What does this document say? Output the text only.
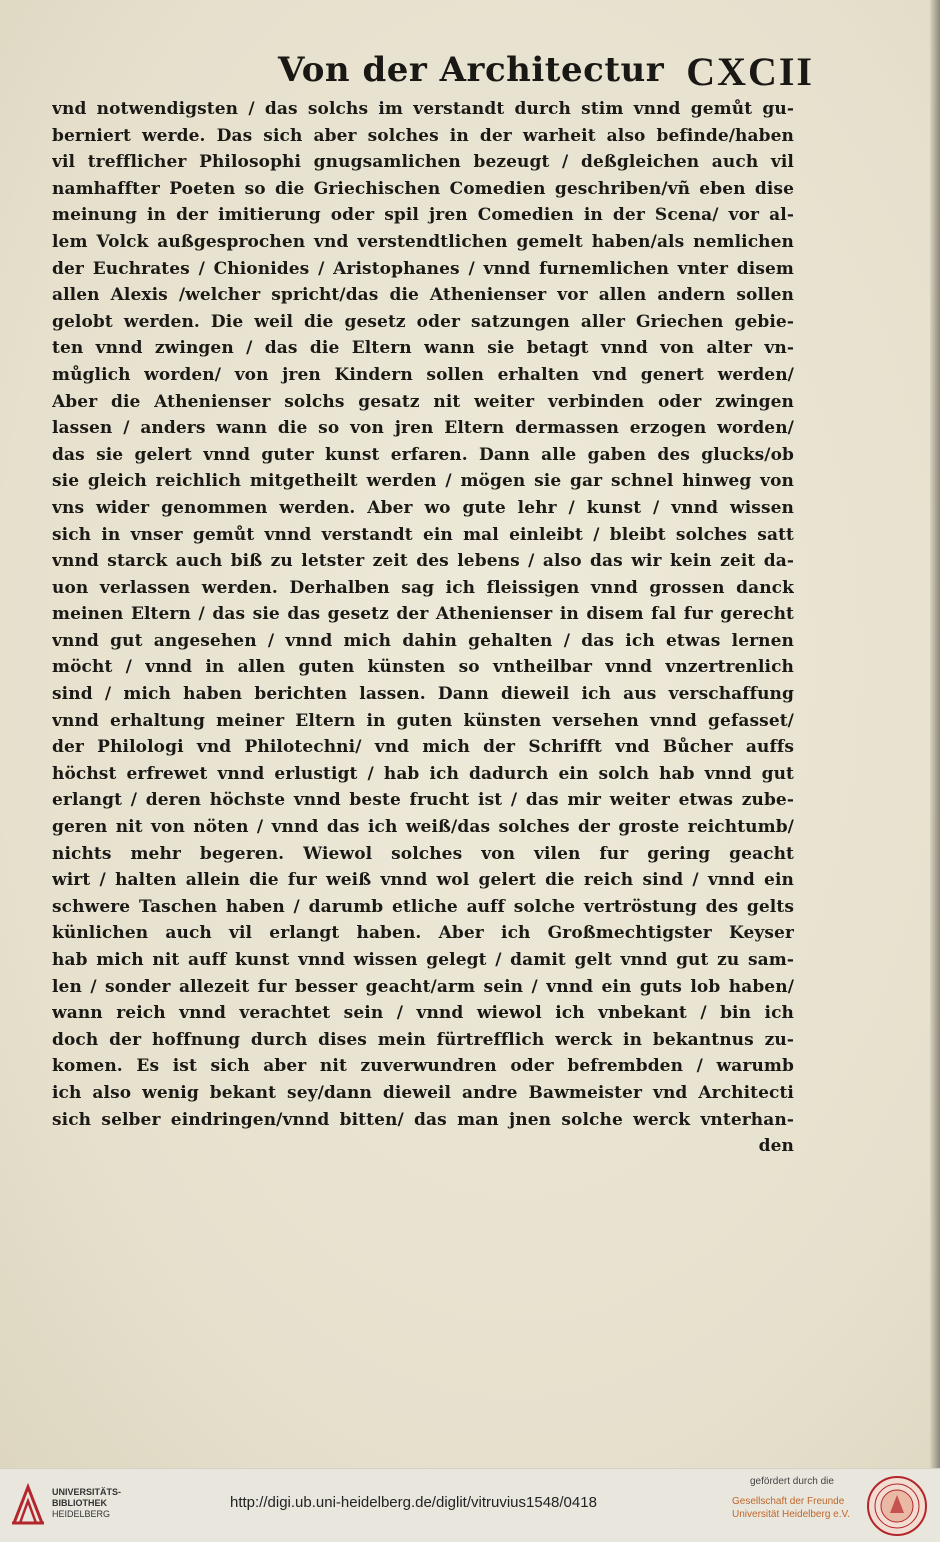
Von der Architectur CXCII
vnd notwendigsten / das solchs im verstandt durch stim vnnd gemůt gu-
berniert werde. Das sich aber solches in der warheit also befinde/haben
vil trefflicher Philosophi gnugsamlichen bezeugt / deßgleichen auch vil
namhaffter Poeten so die Griechischen Comedien geschriben/vñ eben dise
meinung in der imitierung oder spil jren Comedien in der Scena/ vor al-
lem Volck außgesprochen vnd verstendtlichen gemelt haben/als nemlichen
der Euchrates / Chionides / Aristophanes / vnnd furnemlichen vnter disem
allen Alexis /welcher spricht/das die Athenienser vor allen andern sollen
gelobt werden. Die weil die gesetz oder satzungen aller Griechen gebie-
ten vnnd zwingen / das die Eltern wann sie betagt vnnd von alter vn-
můglich worden/ von jren Kindern sollen erhalten vnd genert werden/
Aber die Athenienser solchs gesatz nit weiter verbinden oder zwingen
lassen / anders wann die so von jren Eltern dermassen erzogen worden/
das sie gelert vnnd guter kunst erfaren. Dann alle gaben des glucks/ob
sie gleich reichlich mitgetheilt werden / mögen sie gar schnel hinweg von
vns wider genommen werden. Aber wo gute lehr / kunst / vnnd wissen
sich in vnser gemůt vnnd verstandt ein mal einleibt / bleibt solches satt
vnnd starck auch biß zu letster zeit des lebens / also das wir kein zeit da-
uon verlassen werden. Derhalben sag ich fleissigen vnnd grossen danck
meinen Eltern / das sie das gesetz der Athenienser in disem fal fur gerecht
vnnd gut angesehen / vnnd mich dahin gehalten / das ich etwas lernen
möcht / vnnd in allen guten künsten so vntheilbar vnnd vnzertrenlich
sind / mich haben berichten lassen. Dann dieweil ich aus verschaffung
vnnd erhaltung meiner Eltern in guten künsten versehen vnnd gefasset/
der Philologi vnd Philotechni/ vnd mich der Schrifft vnd Bůcher auffs
höchst erfrewet vnnd erlustigt / hab ich dadurch ein solch hab vnnd gut
erlangt / deren höchste vnnd beste frucht ist / das mir weiter etwas zube-
geren nit von nöten / vnnd das ich weiß/das solches der groste reichtumb/
nichts mehr begeren. Wiewol solches von vilen fur gering geacht
wirt / halten allein die fur weiß vnnd wol gelert die reich sind / vnnd ein
schwere Taschen haben / darumb etliche auff solche vertröstung des gelts
künlichen auch vil erlangt haben. Aber ich Großmechtigster Keyser
hab mich nit auff kunst vnnd wissen gelegt / damit gelt vnnd gut zu sam-
len / sonder allezeit fur besser geacht/arm sein / vnnd ein guts lob haben/
wann reich vnnd verachtet sein / vnnd wiewol ich vnbekant / bin ich
doch der hoffnung durch dises mein fürtrefflich werck in bekantnus zu-
komen. Es ist sich aber nit zuverwundren oder befrembden / warumb
ich also wenig bekant sey/dann dieweil andre Bawmeister vnd Architecti
sich selber eindringen/vnnd bitten/ das man jnen solche werck vnterhan-
den
UNIVERSITÄTS-
BIBLIOTHEK
HEIDELBERG
http://digi.ub.uni-heidelberg.de/diglit/vitruvius1548/0418
gefördert durch die
Gesellschaft der Freunde
Universität Heidelberg e.V.
